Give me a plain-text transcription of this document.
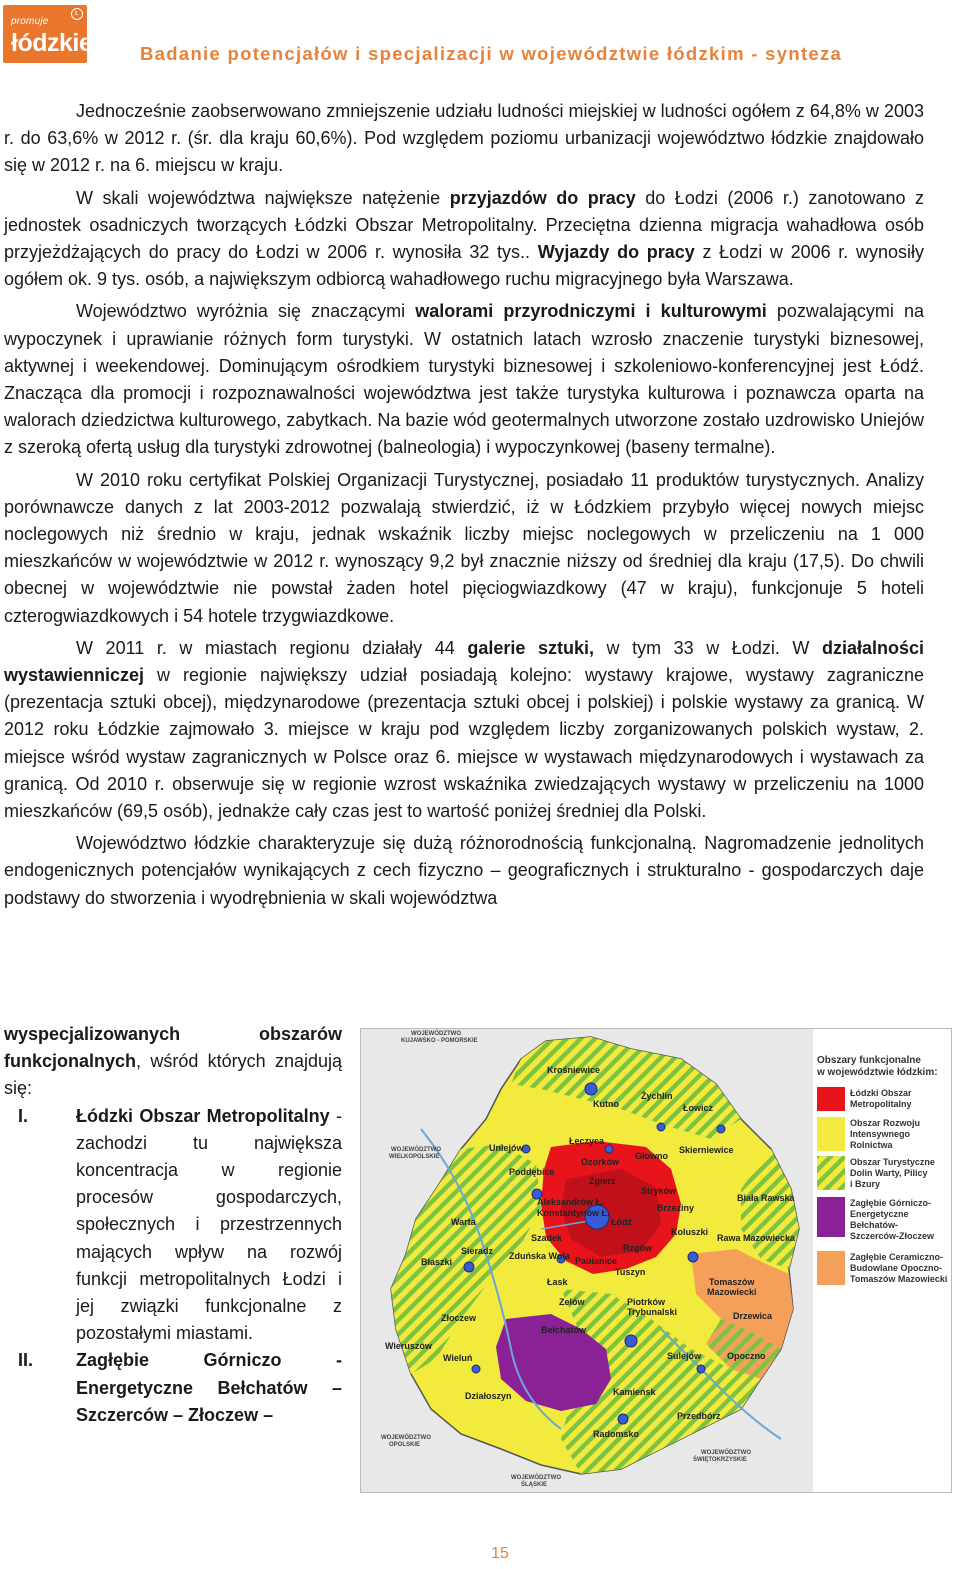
promuje
łódzkie
Ł
Badanie potencjałów i specjalizacji w województwie łódzkim - synteza

Jednocześnie zaobserwowano zmniejszenie udziału ludności miejskiej w ludności ogółem z 64,8% w 2003 r. do 63,6% w 2012 r. (śr. dla kraju 60,6%). Pod względem poziomu urbanizacji województwo łódzkie znajdowało się w 2012 r. na 6. miejscu w kraju.

W skali województwa największe natężenie przyjazdów do pracy do Łodzi (2006 r.) zanotowano z jednostek osadniczych tworzących Łódzki Obszar Metropolitalny. Przeciętna dzienna migracja wahadłowa osób przyjeżdżających do pracy do Łodzi w 2006 r. wynosiła 32 tys.. Wyjazdy do pracy z Łodzi w 2006 r. wynosiły ogółem ok. 9 tys. osób, a największym odbiorcą wahadłowego ruchu migracyjnego była Warszawa.

Województwo wyróżnia się znaczącymi walorami przyrodniczymi i kulturowymi pozwalającymi na wypoczynek i uprawianie różnych form turystyki. W ostatnich latach wzrosło znaczenie turystyki biznesowej, aktywnej i weekendowej. Dominującym ośrodkiem turystyki biznesowej i szkoleniowo-konferencyjnej jest Łódź. Znacząca dla promocji i rozpoznawalności województwa jest także turystyka kulturowa i poznawcza oparta na walorach dziedzictwa kulturowego, zabytkach. Na bazie wód geotermalnych utworzone zostało uzdrowisko Uniejów z szeroką ofertą usług dla turystyki zdrowotnej (balneologia) i wypoczynkowej (baseny termalne).

W 2010 roku certyfikat Polskiej Organizacji Turystycznej, posiadało 11 produktów turystycznych. Analizy porównawcze danych z lat 2003-2012 pozwalają stwierdzić, iż w Łódzkiem przybyło więcej nowych miejsc noclegowych niż średnio w kraju, jednak wskaźnik liczby miejsc noclegowych w przeliczeniu na 1 000 mieszkańców w województwie w 2012 r. wynoszący 9,2 był znacznie niższy od średniej dla kraju (17,5). Do chwili obecnej w województwie nie powstał żaden hotel pięciogwiazdkowy (47 w kraju), funkcjonuje 5 hoteli czterogwiazdkowych i 54 hotele trzygwiazdkowe.

W 2011 r. w miastach regionu działały 44 galerie sztuki, w tym 33 w Łodzi. W działalności wystawienniczej w regionie największy udział posiadają kolejno: wystawy krajowe, wystawy zagraniczne (prezentacja sztuki obcej), międzynarodowe (prezentacja sztuki obcej i polskiej) i polskie wystawy za granicą. W 2012 roku Łódzkie zajmowało 3. miejsce w kraju pod względem liczby zorganizowanych polskich wystaw, 2. miejsce wśród wystaw zagranicznych w Polsce oraz 6. miejsce w wystawach międzynarodowych i wystawach za granicą. Od 2010 r. obserwuje się w regionie wzrost wskaźnika zwiedzających wystawy w przeliczeniu na 1000 mieszkańców (69,5 osób), jednakże cały czas jest to wartość poniżej średniej dla Polski.

Województwo łódzkie charakteryzuje się dużą różnorodnością funkcjonalną. Nagromadzenie jednolitych endogenicznych potencjałów wynikających z cech fizyczno – geograficznych i strukturalno - gospodarczych daje podstawy do stworzenia i wyodrębnienia w skali województwa

wyspecjalizowanych obszarów funkcjonalnych, wśród których znajdują się:
I.	Łódzki Obszar Metropolitalny - zachodzi tu największa koncentracja w regionie procesów gospodarczych, społecznych i przestrzennych mających wpływ na rozwój funkcji metropolitalnych Łodzi i jej związki funkcjonalne z pozostałymi miastami.
II. Zagłębie Górniczo - Energetyczne Bełchatów – Szczerców – Złoczew –
WOJEWÓDZTWO
KUJAWSKO - POMORSKIE
WOJEWÓDZTWO
WIELKOPOLSKIE
WOJEWÓDZTWO
OPOLSKIE
WOJEWÓDZTWO
ŚLĄSKIE
WOJEWÓDZTWO
ŚWIĘTOKRZYSKIE
Krośniewice
Kutno
Żychlin
Łowicz
Uniejów
Łęczyca
Ozorków
Głowno
Skierniewice
Poddębice
Zgierz
Stryków
Aleksandrów Ł.
Konstantynów Ł.	Brzeziny
Biała Rawska
Warta
Szadek
Łódź
Koluszki
Rzgów
Rawa Mazowiecka
Sieradz Zduńska Wola Pabianice
Błaszki
Łask
Tuszyn
Tomaszów
Mazowiecki
Zelów	Piotrków
Trybunalski	Drzewica
Złoczew
Wieruszów
Bełchatów
Wieluń	Sulejów	Opoczno
Kamieńsk
Działoszyn
Przedbórz
Radomsko
Obszary funkcjonalne
w województwie łódzkim:
Łódzki Obszar
Metropolitalny
Obszar Rozwoju
Intensywnego
Rolnictwa
Obszar Turystyczne
Dolin Warty, Pilicy
i Bzury
Zagłębie Górniczo-
Energetyczne
Bełchatów-
Szczerców-Złoczew
Zagłębie Ceramiczno-
Budowlane Opoczno-
Tomaszów Mazowiecki
15
